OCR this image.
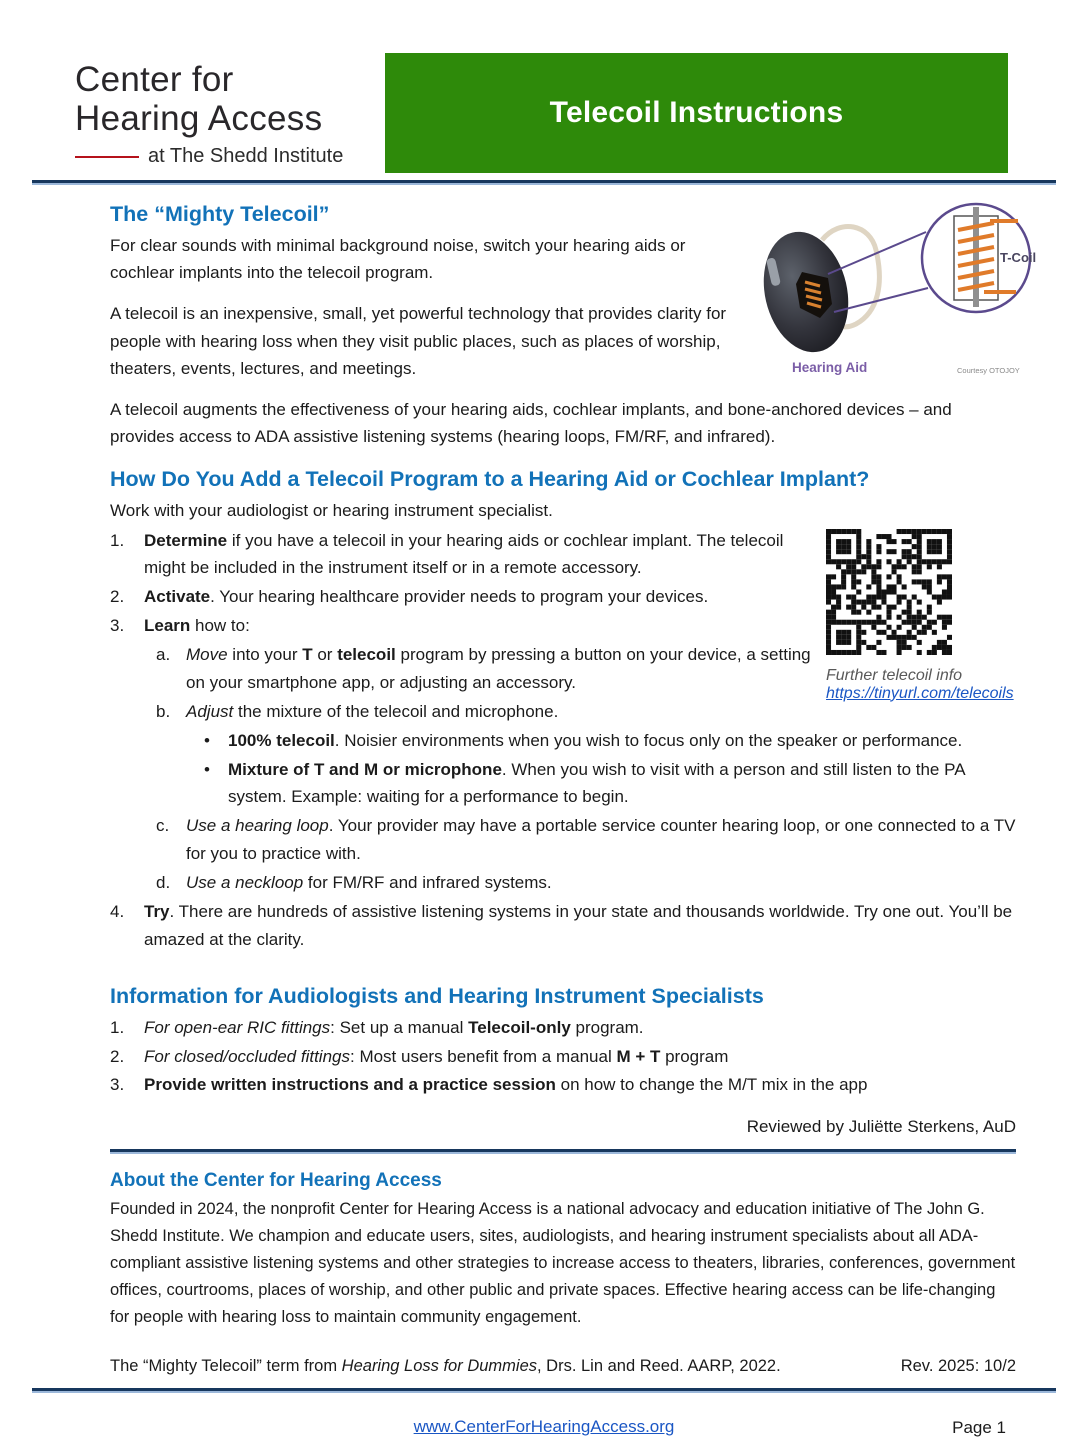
Center for
Hearing Access
at The Shedd Institute
Telecoil Instructions
T-Coil
Hearing Aid	Courtesy OTOJOY
The “Mighty Telecoil”

For clear sounds with minimal background noise, switch your hearing aids or cochlear implants into the telecoil program.

A telecoil is an inexpensive, small, yet powerful technology that provides clarity for people with hearing loss when they visit public places, such as places of worship, theaters, events, lectures, and meetings.

A telecoil augments the effectiveness of your hearing aids, cochlear implants, and bone-anchored devices – and provides access to ADA assistive listening systems (hearing loops, FM/RF, and infrared).

How Do You Add a Telecoil Program to a Hearing Aid or Cochlear Implant?

Work with your audiologist or hearing instrument specialist.

Further telecoil info
https://tinyurl.com/telecoils
1. Determine if you have a telecoil in your hearing aids or cochlear implant. The telecoil might be included in the instrument itself or in a remote accessory.
2. Activate. Your hearing healthcare provider needs to program your devices.
3. Learn how to:
a. Move into your T or telecoil program by pressing a button on your device, a setting on your smartphone app, or adjusting an accessory.
b. Adjust the mixture of the telecoil and microphone.
• 100% telecoil. Noisier environments when you wish to focus only on the speaker or performance.
• Mixture of T and M or microphone. When you wish to visit with a person and still listen to the PA system. Example: waiting for a performance to begin.
c. Use a hearing loop. Your provider may have a portable service counter hearing loop, or one connected to a TV for you to practice with.
d. Use a neckloop for FM/RF and infrared systems.
4. Try. There are hundreds of assistive listening systems in your state and thousands worldwide. Try one out. You’ll be amazed at the clarity.
Information for Audiologists and Hearing Instrument Specialists
1. For open-ear RIC fittings: Set up a manual Telecoil-only program.
2. For closed/occluded fittings: Most users benefit from a manual M + T program
3. Provide written instructions and a practice session on how to change the M/T mix in the app
Reviewed by Juliëtte Sterkens, AuD
About the Center for Hearing Access

Founded in 2024, the nonprofit Center for Hearing Access is a national advocacy and education initiative of The John G. Shedd Institute. We champion and educate users, sites, audiologists, and hearing instrument specialists about all ADA-compliant assistive listening systems and other strategies to increase access to theaters, libraries, conferences, government offices, courtrooms, places of worship, and other public and private spaces. Effective hearing access can be life-changing for people with hearing loss to maintain community engagement.

The “Mighty Telecoil” term from Hearing Loss for Dummies, Drs. Lin and Reed. AARP, 2022.	Rev. 2025: 10/2
www.CenterForHearingAccess.org	Page 1
